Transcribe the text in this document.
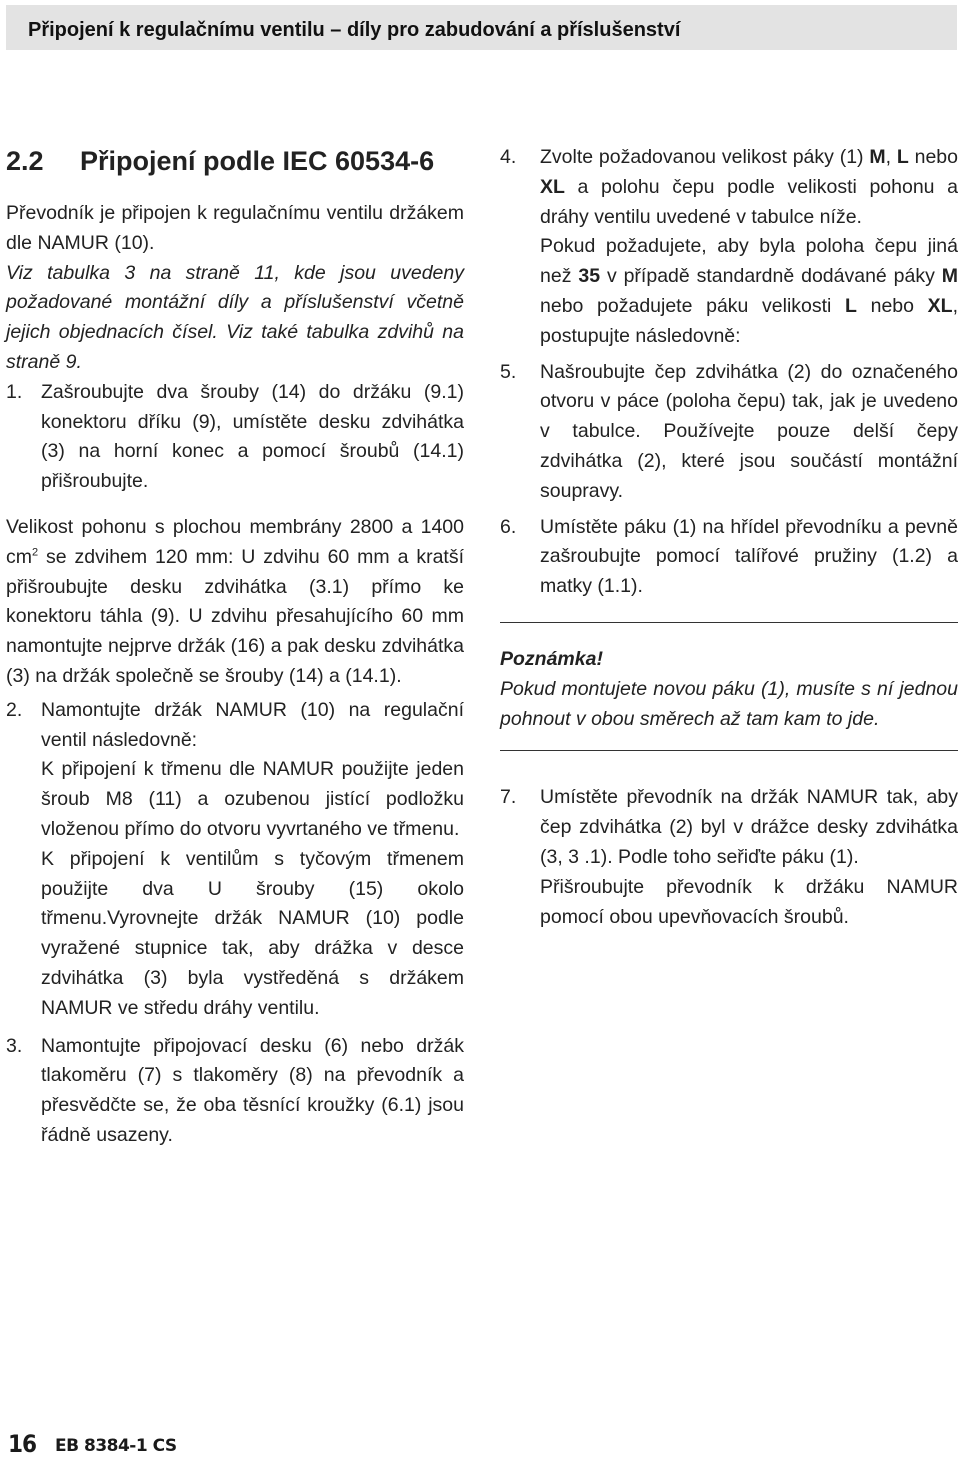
Připojení k regulačnímu ventilu – díly pro zabudování a příslušenství
2.2 Připojení podle IEC 60534-6

Převodník je připojen k regulačnímu ventilu držákem dle NAMUR (10).

Viz tabulka 3 na straně 11, kde jsou uvedeny požadované montážní díly a příslušenství včetně jejich objednacích čísel. Viz také tabulka zdvihů na straně 9.

1. Zašroubujte dva šrouby (14) do držáku (9.1) konektoru dříku (9), umístěte desku zdvihátka (3) na horní konec a pomocí šroubů (14.1) přišroubujte.

Velikost pohonu s plochou membrány 2800 a 1400 $cm^2$ se zdvihem 120 mm: U zdvihu 60 mm a kratší přišroubujte desku zdvihátka (3.1) přímo ke konektoru táhla (9). U zdvihu přesahujícího 60 mm namontujte nejprve držák (16) a pak desku zdvihátka (3) na držák společně se šrouby (14) a (14.1).

2. Namontujte držák NAMUR (10) na regulační ventil následovně:

K připojení k třmenu dle NAMUR použijte jeden šroub M8 (11) a ozubenou jistící podložku vloženou přímo do otvoru vyvrtaného ve třmenu.

K připojení k ventilům s tyčovým třmenem použijte dva U šrouby (15) okolo třmenu.Vyrovnejte držák NAMUR (10) podle vyražené stupnice tak, aby drážka v desce zdvihátka (3) byla vystředěná s držákem NAMUR ve středu dráhy ventilu.

3. Namontujte připojovací desku (6) nebo držák tlakoměru (7) s tlakoměry (8) na převodník a přesvědčte se, že oba těsnící kroužky (6.1) jsou řádně usazeny.

4.	Zvolte požadovanou velikost páky (1) M, L nebo XL a polohu čepu podle velikosti pohonu a dráhy ventilu uvedené v tabulce níže.

Pokud požadujete, aby byla poloha čepu jiná než 35 v případě standardně dodávané páky M nebo požadujete páku velikosti L nebo XL, postupujte následovně:

5.	Našroubujte čep zdvihátka (2) do označeného otvoru v páce (poloha čepu) tak, jak je uvedeno v tabulce. Používejte pouze delší čepy zdvihátka (2), které jsou součástí montážní soupravy.

6.	Umístěte páku (1) na hřídel převodníku a pevně zašroubujte pomocí talířové pružiny (1.2) a matky (1.1).

Poznámka!

Pokud montujete novou páku (1), musíte s ní jednou pohnout v obou směrech až tam kam to jde.

7.	Umístěte převodník na držák NAMUR tak, aby čep zdvihátka (2) byl v drážce desky zdvihátka (3, 3 .1). Podle toho seřiďte páku (1).

Přišroubujte převodník k držáku NAMUR pomocí obou upevňovacích šroubů.

16 EB 8384-1 CS
